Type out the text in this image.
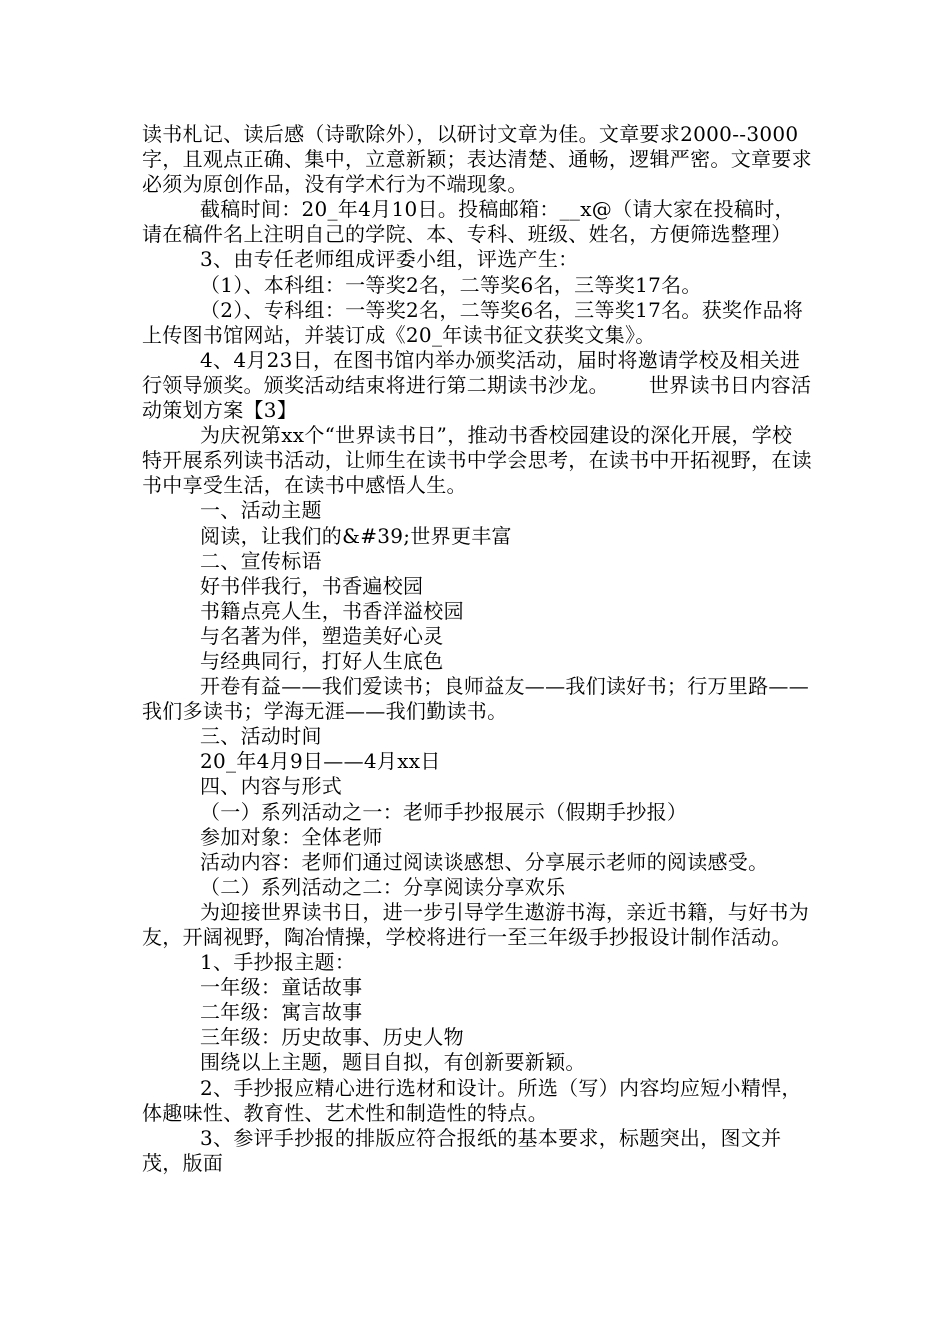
读书札记、读后感（诗歌除外），以研讨文章为佳。文章要求2000--3000字，且观点正确、集中，立意新颖；表达清楚、通畅，逻辑严密。文章要求必须为原创作品，没有学术行为不端现象。

截稿时间：20_年4月10日。投稿邮箱：__x@（请大家在投稿时，请在稿件名上注明自己的学院、本、专科、班级、姓名，方便筛选整理）

3、由专任老师组成评委小组，评选产生：

（1）、本科组：一等奖2名，二等奖6名，三等奖17名。

（2）、专科组：一等奖2名，二等奖6名，三等奖17名。获奖作品将上传图书馆网站，并装订成《20_年读书征文获奖文集》。

4、4月23日，在图书馆内举办颁奖活动，届时将邀请学校及相关进行领导颁奖。颁奖活动结束将进行第二期读书沙龙。      世界读书日内容活动策划方案【3】

为庆祝第xx个“世界读书日”，推动书香校园建设的深化开展，学校特开展系列读书活动，让师生在读书中学会思考，在读书中开拓视野，在读书中享受生活，在读书中感悟人生。

一、活动主题

阅读，让我们的&#39;世界更丰富

二、宣传标语

好书伴我行，书香遍校园

书籍点亮人生，书香洋溢校园

与名著为伴，塑造美好心灵

与经典同行，打好人生底色

开卷有益——我们爱读书；良师益友——我们读好书；行万里路——我们多读书；学海无涯——我们勤读书。

三、活动时间

20_年4月9日——4月xx日

四、内容与形式

（一）系列活动之一：老师手抄报展示（假期手抄报）

参加对象：全体老师

活动内容：老师们通过阅读谈感想、分享展示老师的阅读感受。

（二）系列活动之二：分享阅读分享欢乐

为迎接世界读书日，进一步引导学生遨游书海，亲近书籍，与好书为友，开阔视野，陶冶情操，学校将进行一至三年级手抄报设计制作活动。

1、手抄报主题：

一年级：童话故事

二年级：寓言故事

三年级：历史故事、历史人物

围绕以上主题，题目自拟，有创新要新颖。

2、手抄报应精心进行选材和设计。所选（写）内容均应短小精悍，体趣味性、教育性、艺术性和制造性的特点。

3、参评手抄报的排版应符合报纸的基本要求，标题突出，图文并茂，版面
